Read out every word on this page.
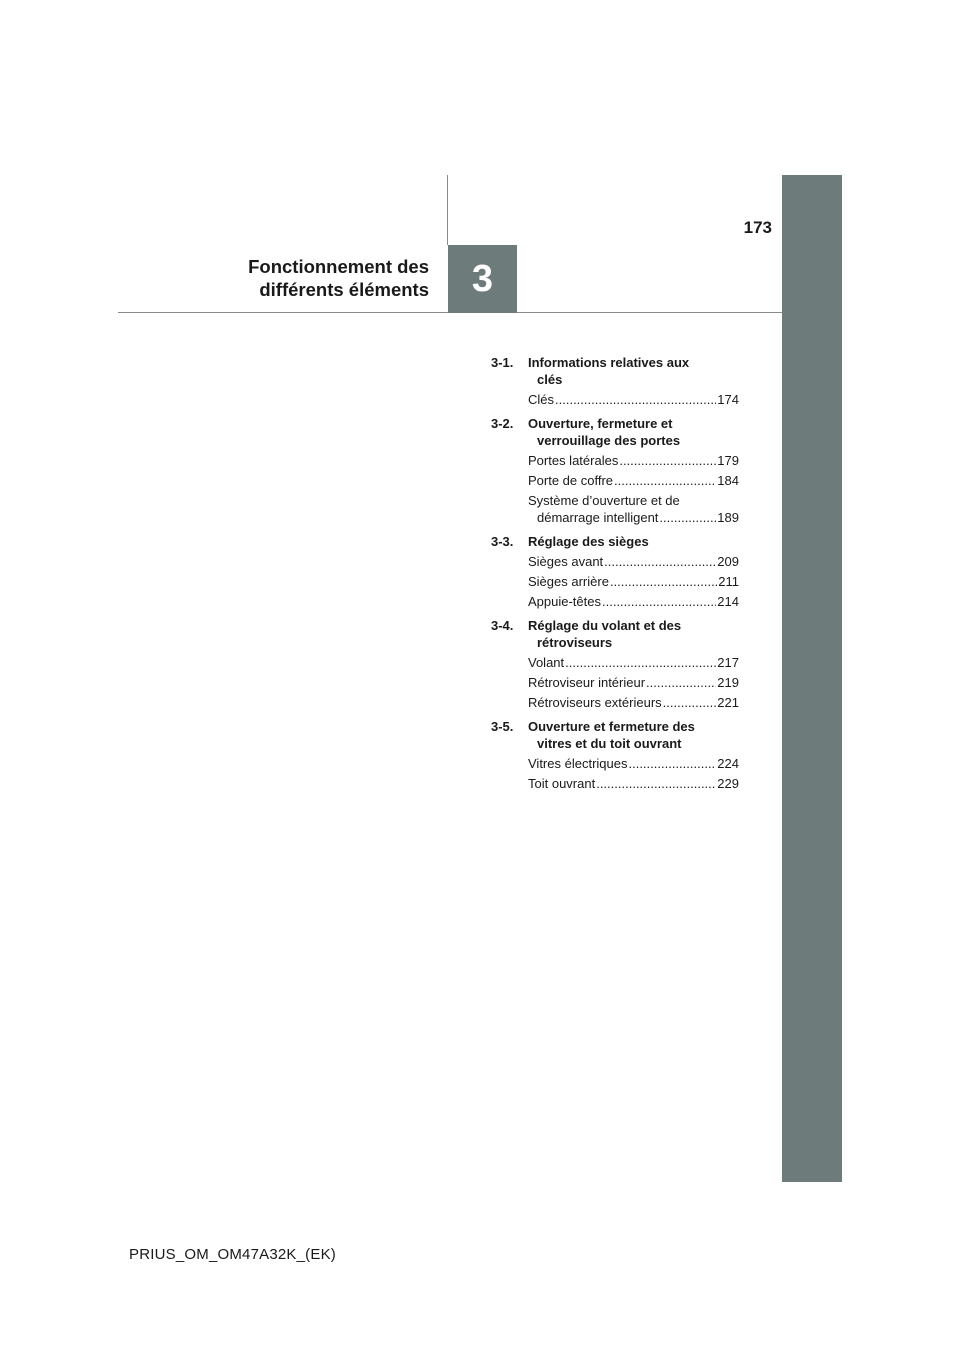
3
173
Fonctionnement des
différents éléments
3-1.	Informations relatives aux
clés
Clés .....	174
3-2.	Ouverture, fermeture et
verrouillage des portes
Portes latérales .....	179
Porte de coffre .....	184
Système d’ouverture et de
démarrage intelligent .....	189
3-3.	Réglage des sièges
Sièges avant .....	209
Sièges arrière .....	211
Appuie-têtes .....	214
3-4.	Réglage du volant et des
rétroviseurs
Volant .....	217
Rétroviseur intérieur .....	219
Rétroviseurs extérieurs .....	221
3-5.	Ouverture et fermeture des
vitres et du toit ouvrant
Vitres électriques .....	224
Toit ouvrant .....	229
PRIUS_OM_OM47A32K_(EK)
